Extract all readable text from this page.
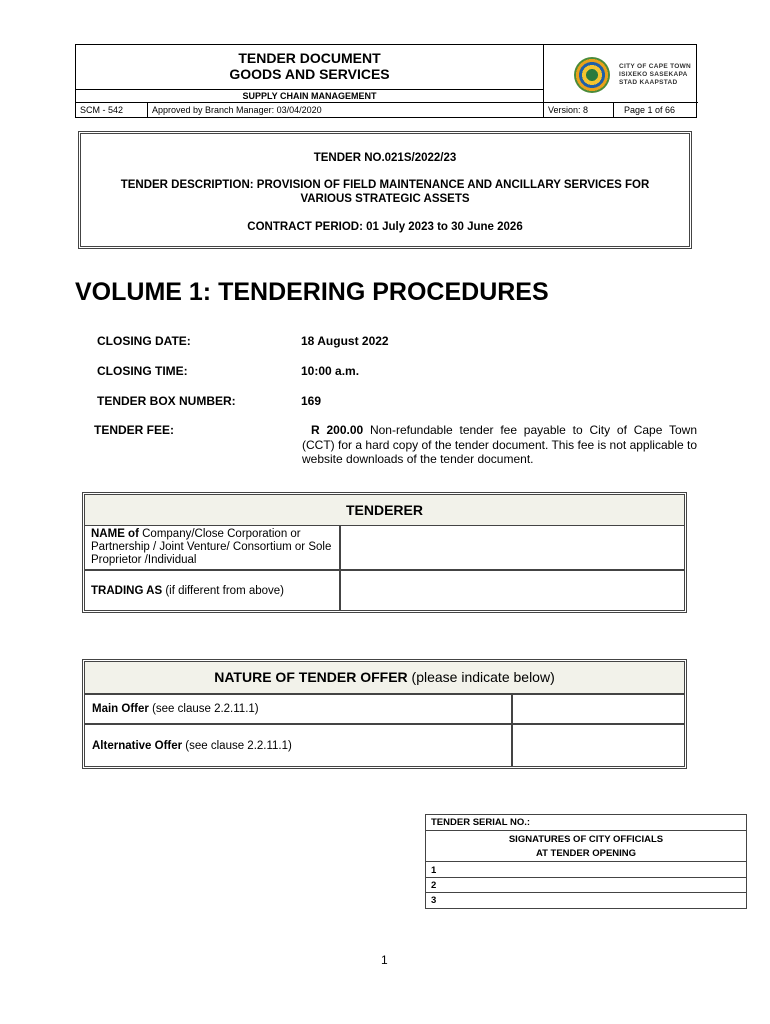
TENDER DOCUMENT
GOODS AND SERVICES
SUPPLY CHAIN MANAGEMENT
SCM - 542	Approved by Branch Manager: 03/04/2020	Version: 8	Page 1 of 66
CITY OF CAPE TOWN
ISIXEKO SASEKAPA
STAD KAAPSTAD
TENDER NO.021S/2022/23
TENDER DESCRIPTION: PROVISION OF FIELD MAINTENANCE AND ANCILLARY SERVICES FOR
VARIOUS STRATEGIC ASSETS
CONTRACT PERIOD: 01 July 2023 to 30 June 2026
VOLUME 1: TENDERING PROCEDURES
CLOSING DATE:	18 August 2022
CLOSING TIME:	10:00 a.m.
TENDER BOX NUMBER:	169
TENDER FEE:	R 200.00 Non-refundable tender fee payable to City of Cape Town (CCT) for a hard copy of the tender document. This fee is not applicable to website downloads of the tender document.
TENDERER
NAME of Company/Close Corporation or Partnership / Joint Venture/ Consortium or Sole Proprietor /Individual
TRADING AS (if different from above)
NATURE OF TENDER OFFER (please indicate below)
Main Offer (see clause 2.2.11.1)
Alternative Offer (see clause 2.2.11.1)
TENDER SERIAL NO.:
SIGNATURES OF CITY OFFICIALS
AT TENDER OPENING
1
2
3
1
